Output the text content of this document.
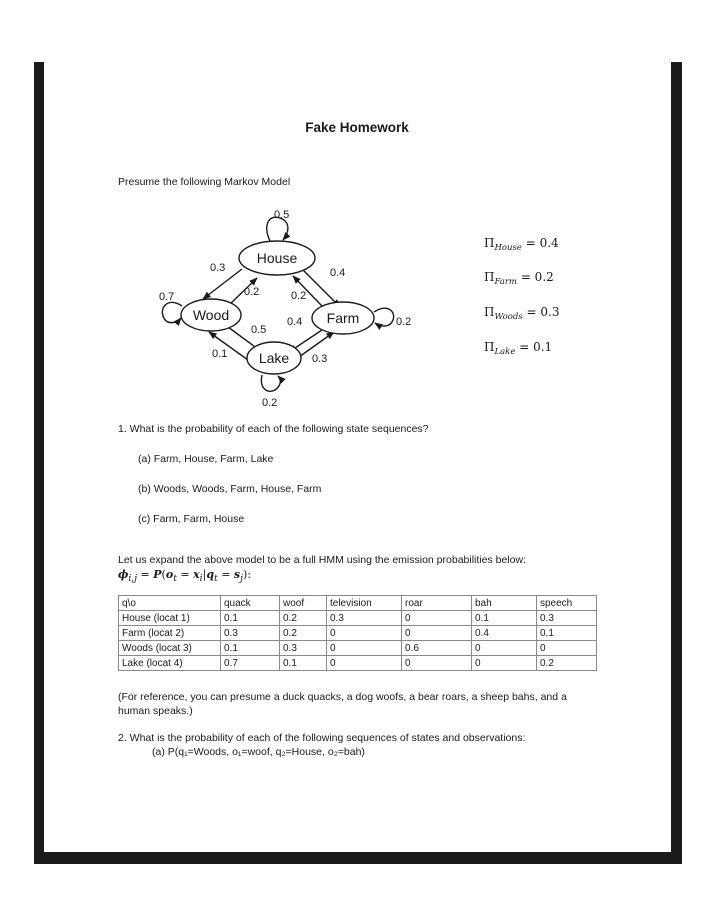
Fake Homework
Presume the following Markov Model
House
Wood	Farm
Lake
0.5
0.3	0.4
0.2	0.2
0.7
0.2
0.5
0.4
0.1	0.3
0.2
$\Pi_{House} = 0.4$
$\Pi_{Farm} = 0.2$
$\Pi_{Woods} = 0.3$
$\Pi_{Lake} = 0.1$
1. What is the probability of each of the following state sequences?
(a) Farm, House, Farm, Lake
(b) Woods, Woods, Farm, House, Farm
(c) Farm, Farm, House
Let us expand the above model to be a full HMM using the emission probabilities below:
$\phi_{i,j} = P(o_t = x_i|q_t = s_j)$:
q\o	quack	woof	television	roar	bah	speech
House (locat 1)	0.1	0.2	0.3	0	0.1	0.3
Farm (locat 2)	0.3	0.2	0	0	0.4	0.1
Woods (locat 3)	0.1	0.3	0	0.6	0	0
Lake (locat 4)	0.7	0.1	0	0	0	0.2
(For reference, you can presume a duck quacks, a dog woofs, a bear roars, a sheep bahs, and a
human speaks.)
2. What is the probability of each of the following sequences of states and observations:
(a) P(q₁=Woods, o₁=woof, q₂=House, o₂=bah)
